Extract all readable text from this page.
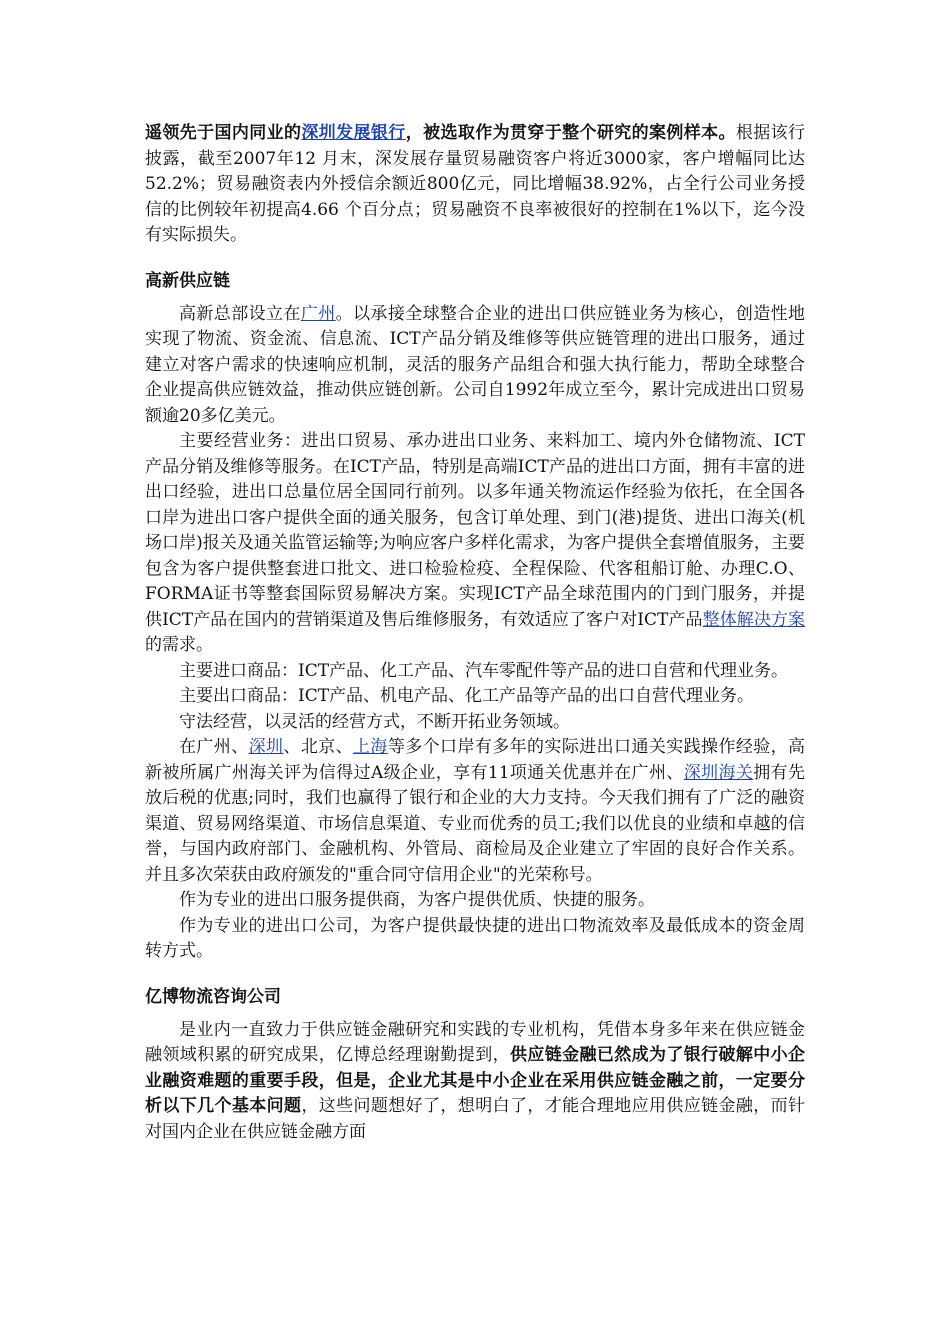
遥领先于国内同业的深圳发展银行，被选取作为贯穿于整个研究的案例样本。根据该行披露，截至2007年12 月末，深发展存量贸易融资客户将近3000家，客户增幅同比达52.2%；贸易融资表内外授信余额近800亿元，同比增幅38.92%，占全行公司业务授信的比例较年初提高4.66 个百分点；贸易融资不良率被很好的控制在1%以下，迄今没有实际损失。

高新供应链

高新总部设立在广州。以承接全球整合企业的进出口供应链业务为核心，创造性地实现了物流、资金流、信息流、ICT产品分销及维修等供应链管理的进出口服务，通过建立对客户需求的快速响应机制，灵活的服务产品组合和强大执行能力，帮助全球整合企业提高供应链效益，推动供应链创新。公司自1992年成立至今，累计完成进出口贸易额逾20多亿美元。

主要经营业务：进出口贸易、承办进出口业务、来料加工、境内外仓储物流、ICT产品分销及维修等服务。在ICT产品，特别是高端ICT产品的进出口方面，拥有丰富的进出口经验，进出口总量位居全国同行前列。以多年通关物流运作经验为依托，在全国各口岸为进出口客户提供全面的通关服务，包含订单处理、到门(港)提货、进出口海关(机场口岸)报关及通关监管运输等;为响应客户多样化需求，为客户提供全套增值服务，主要包含为客户提供整套进口批文、进口检验检疫、全程保险、代客租船订舱、办理C.O、FORMA证书等整套国际贸易解决方案。实现ICT产品全球范围内的门到门服务，并提供ICT产品在国内的营销渠道及售后维修服务，有效适应了客户对ICT产品整体解决方案的需求。

主要进口商品：ICT产品、化工产品、汽车零配件等产品的进口自营和代理业务。

主要出口商品：ICT产品、机电产品、化工产品等产品的出口自营代理业务。

守法经营，以灵活的经营方式，不断开拓业务领域。

在广州、深圳、北京、上海等多个口岸有多年的实际进出口通关实践操作经验，高新被所属广州海关评为信得过A级企业，享有11项通关优惠并在广州、深圳海关拥有先放后税的优惠;同时，我们也赢得了银行和企业的大力支持。今天我们拥有了广泛的融资渠道、贸易网络渠道、市场信息渠道、专业而优秀的员工;我们以优良的业绩和卓越的信誉，与国内政府部门、金融机构、外管局、商检局及企业建立了牢固的良好合作关系。并且多次荣获由政府颁发的"重合同守信用企业"的光荣称号。

作为专业的进出口服务提供商，为客户提供优质、快捷的服务。

作为专业的进出口公司，为客户提供最快捷的进出口物流效率及最低成本的资金周转方式。

亿博物流咨询公司

是业内一直致力于供应链金融研究和实践的专业机构，凭借本身多年来在供应链金融领域积累的研究成果，亿博总经理谢勤提到，供应链金融已然成为了银行破解中小企业融资难题的重要手段，但是，企业尤其是中小企业在采用供应链金融之前，一定要分析以下几个基本问题，这些问题想好了，想明白了，才能合理地应用供应链金融，而针对国内企业在供应链金融方面
